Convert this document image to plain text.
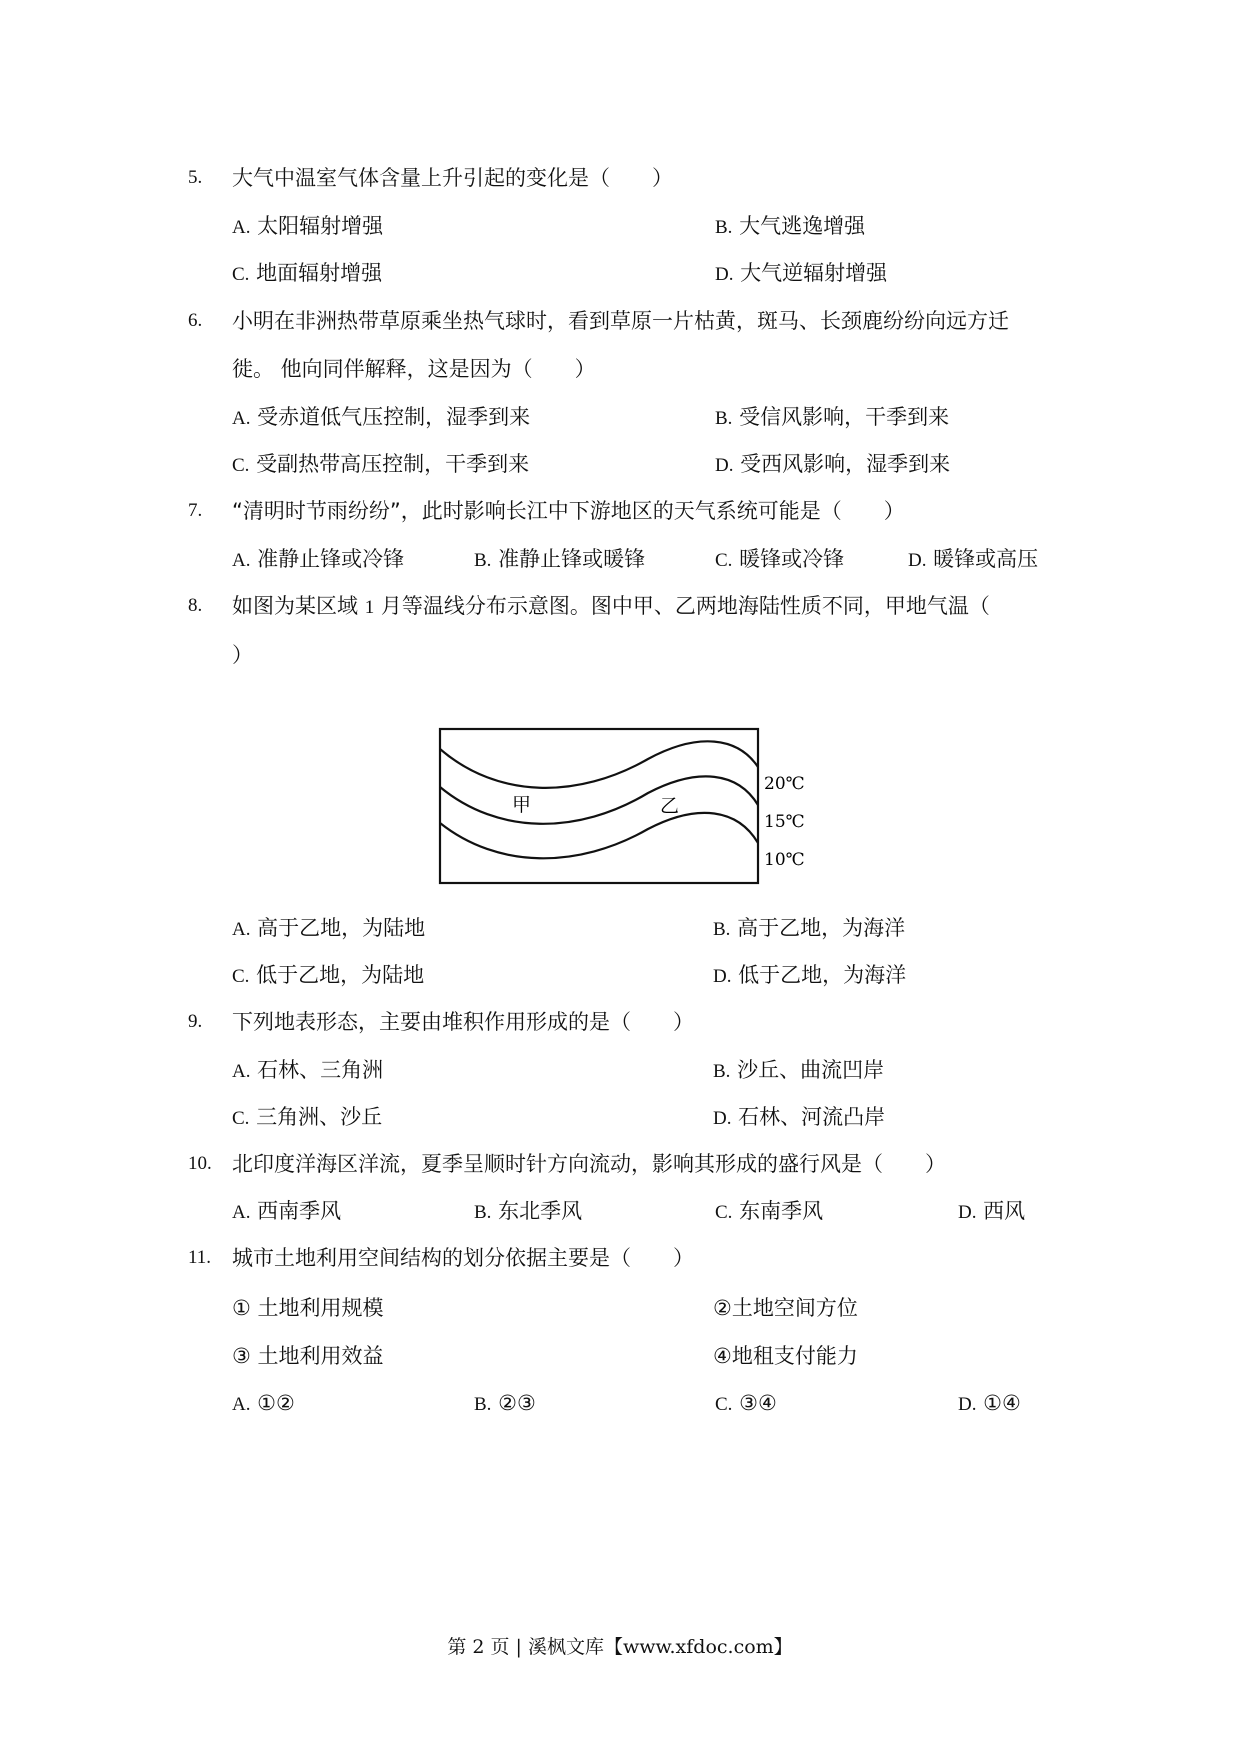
5. 大气中温室气体含量上升引起的变化是（　　）
A. 太阳辐射增强	B. 大气逃逸增强
C. 地面辐射增强	D. 大气逆辐射增强
6. 小明在非洲热带草原乘坐热气球时，看到草原一片枯黄，斑马、长颈鹿纷纷向远方迁
徙。 他向同伴解释，这是因为（　　）
A. 受赤道低气压控制，湿季到来	B. 受信风影响，干季到来
C. 受副热带高压控制，干季到来	D. 受西风影响，湿季到来
7. “清明时节雨纷纷”，此时影响长江中下游地区的天气系统可能是（　　）
A. 准静止锋或冷锋	B. 准静止锋或暖锋	C. 暖锋或冷锋	D. 暖锋或高压
8. 如图为某区域 1 月等温线分布示意图。图中甲、乙两地海陆性质不同，甲地气温（
）
甲	乙
20℃
15℃
10℃
A. 高于乙地，为陆地	B. 高于乙地，为海洋
C. 低于乙地，为陆地	D. 低于乙地，为海洋
9. 下列地表形态，主要由堆积作用形成的是（　　）
A. 石林、三角洲	B. 沙丘、曲流凹岸
C. 三角洲、沙丘	D. 石林、河流凸岸
10. 北印度洋海区洋流，夏季呈顺时针方向流动，影响其形成的盛行风是（　　）
A. 西南季风	B. 东北季风	C. 东南季风	D. 西风
11. 城市土地利用空间结构的划分依据主要是（　　）
① 土地利用规模	②土地空间方位
③ 土地利用效益	④地租支付能力
A. ①②	B. ②③	C. ③④	D. ①④
第 2 页 | 溪枫文库【www.xfdoc.com】
